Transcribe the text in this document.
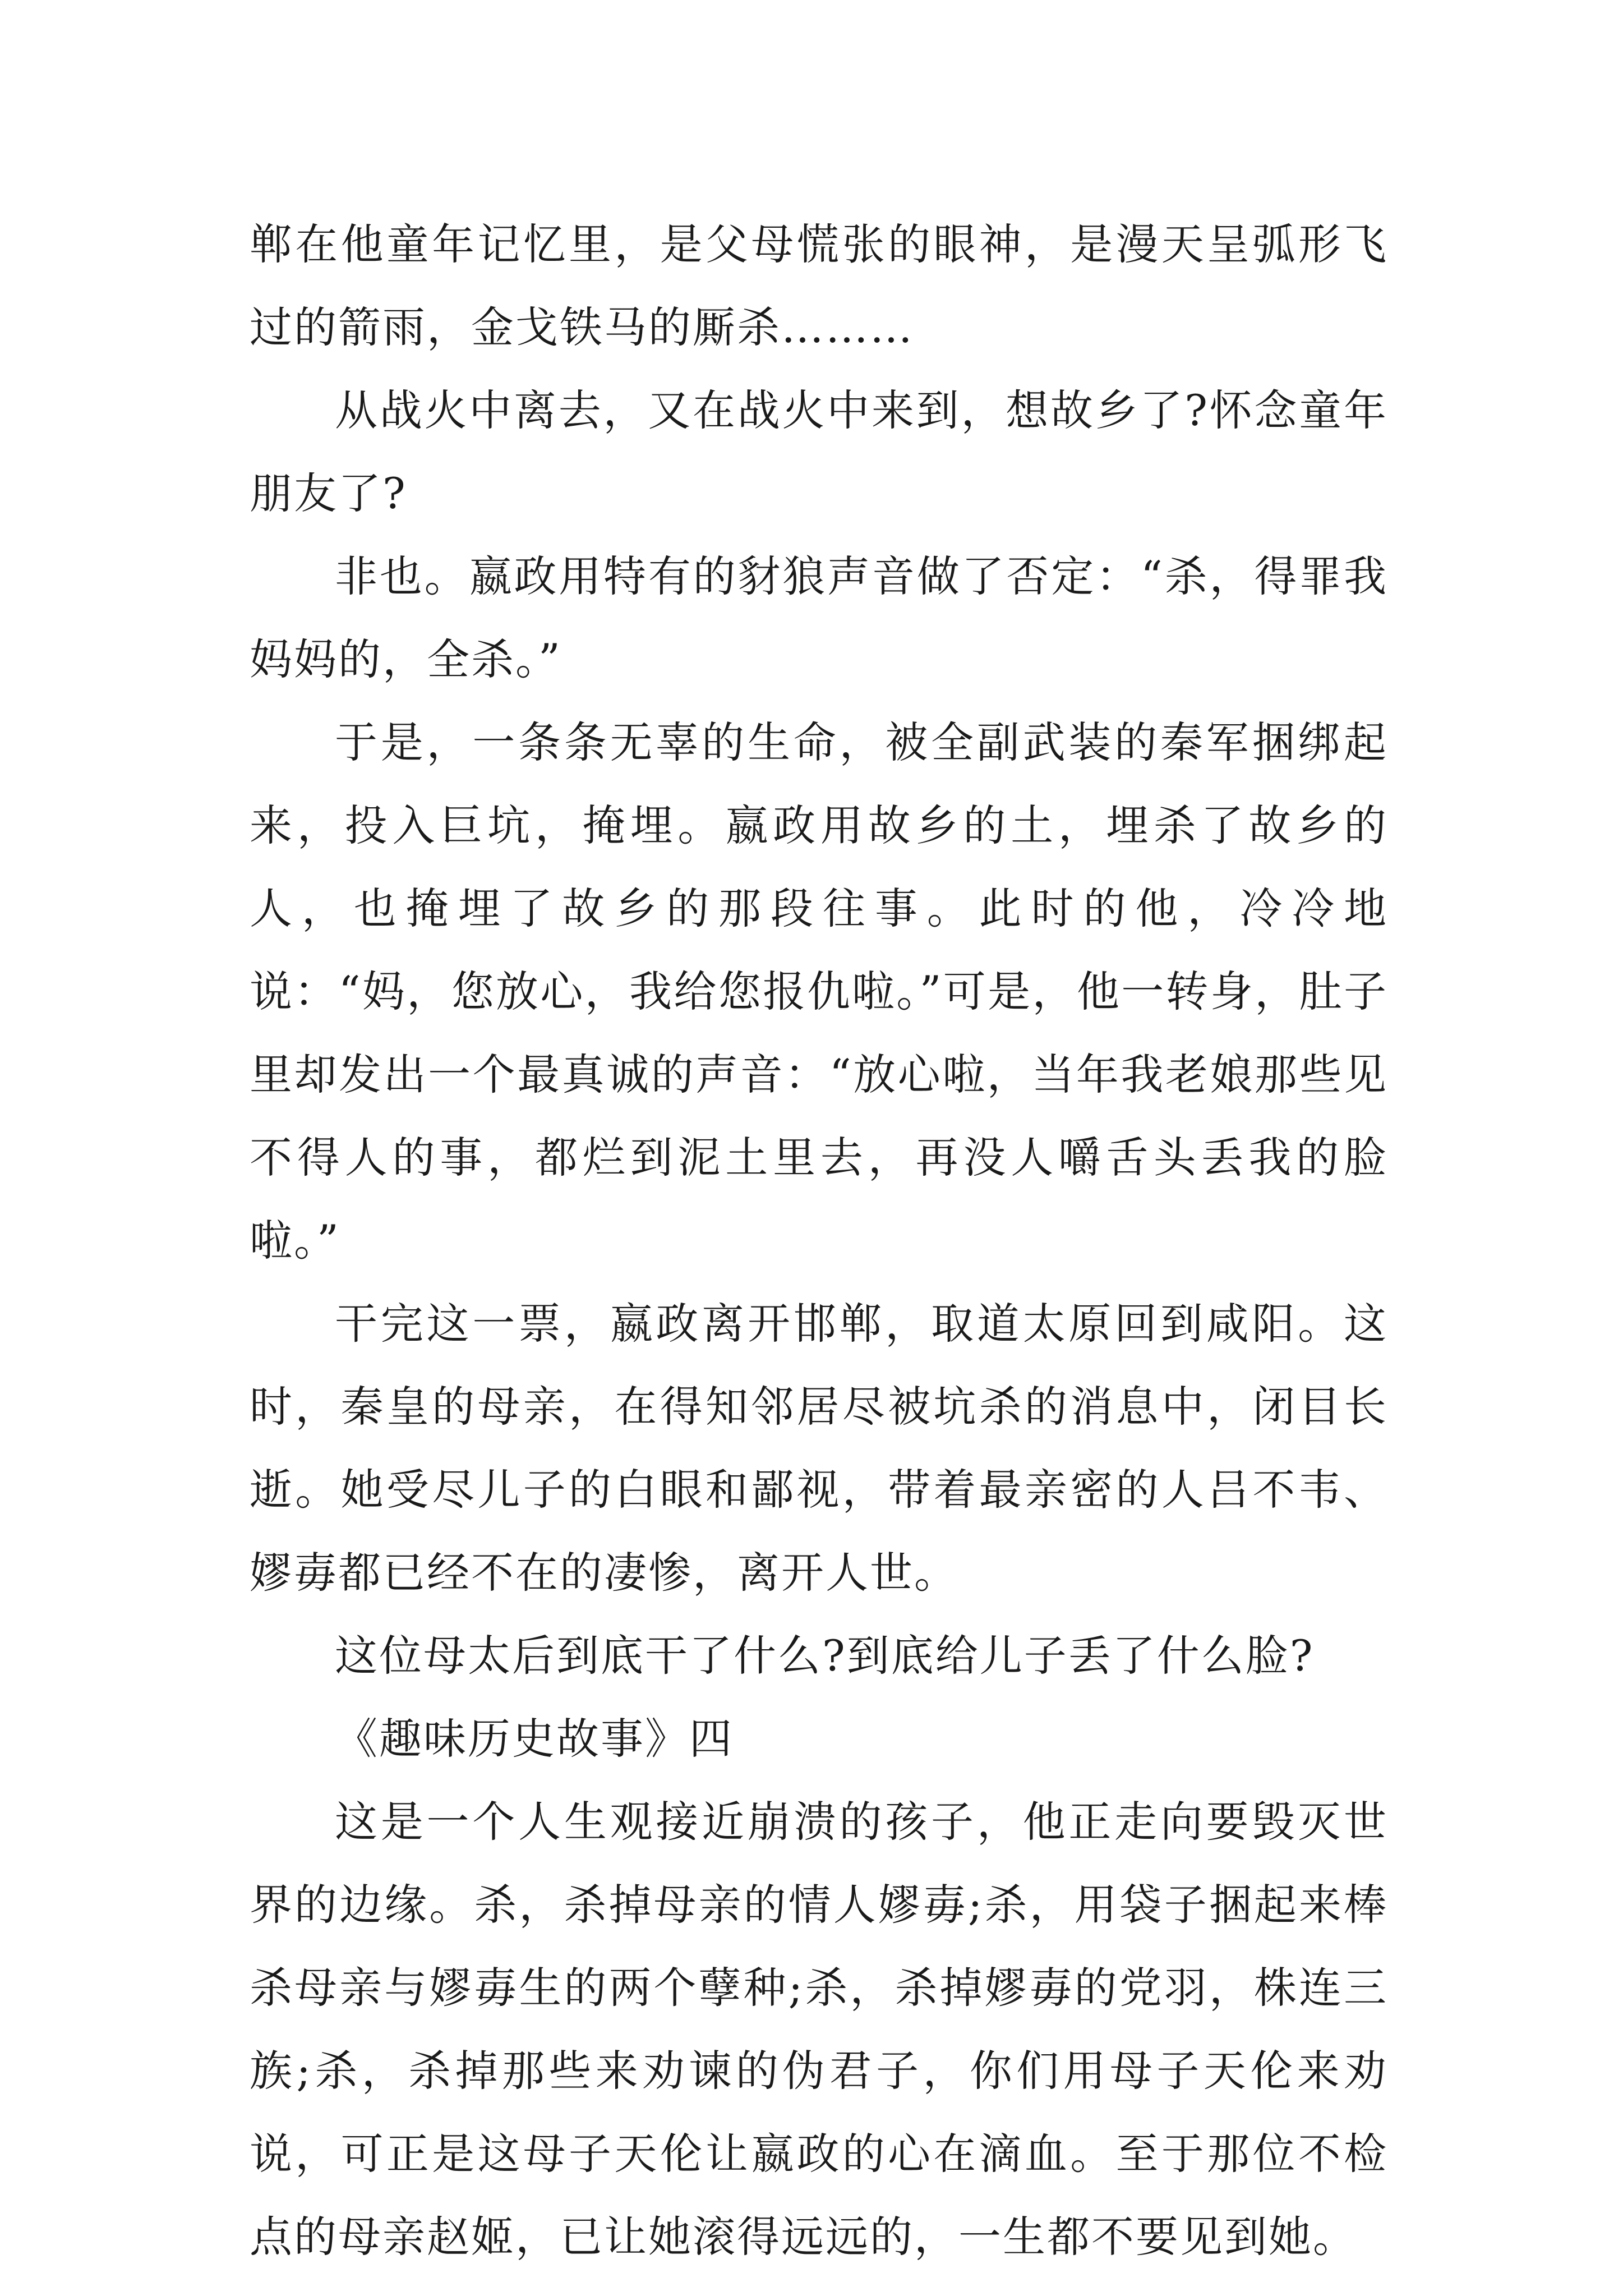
郸在他童年记忆里，是父母慌张的眼神，是漫天呈弧形飞过的箭雨，金戈铁马的厮杀………

从战火中离去，又在战火中来到，想故乡了?怀念童年朋友了?

非也。嬴政用特有的豺狼声音做了否定：“杀，得罪我妈妈的，全杀。”

于是，一条条无辜的生命，被全副武装的秦军捆绑起来，投入巨坑，掩埋。嬴政用故乡的土，埋杀了故乡的人，也掩埋了故乡的那段往事。此时的他，冷冷地说：“妈，您放心，我给您报仇啦。”可是，他一转身，肚子里却发出一个最真诚的声音：“放心啦，当年我老娘那些见不得人的事，都烂到泥土里去，再没人嚼舌头丢我的脸啦。”

干完这一票，嬴政离开邯郸，取道太原回到咸阳。这时，秦皇的母亲，在得知邻居尽被坑杀的消息中，闭目长逝。她受尽儿子的白眼和鄙视，带着最亲密的人吕不韦、嫪毐都已经不在的凄惨，离开人世。

这位母太后到底干了什么?到底给儿子丢了什么脸?

《趣味历史故事》四

这是一个人生观接近崩溃的孩子，他正走向要毁灭世界的边缘。杀，杀掉母亲的情人嫪毐;杀，用袋子捆起来棒杀母亲与嫪毐生的两个孽种;杀，杀掉嫪毐的党羽，株连三族;杀，杀掉那些来劝谏的伪君子，你们用母子天伦来劝说，可正是这母子天伦让嬴政的心在滴血。至于那位不检点的母亲赵姬，已让她滚得远远的，一生都不要见到她。
